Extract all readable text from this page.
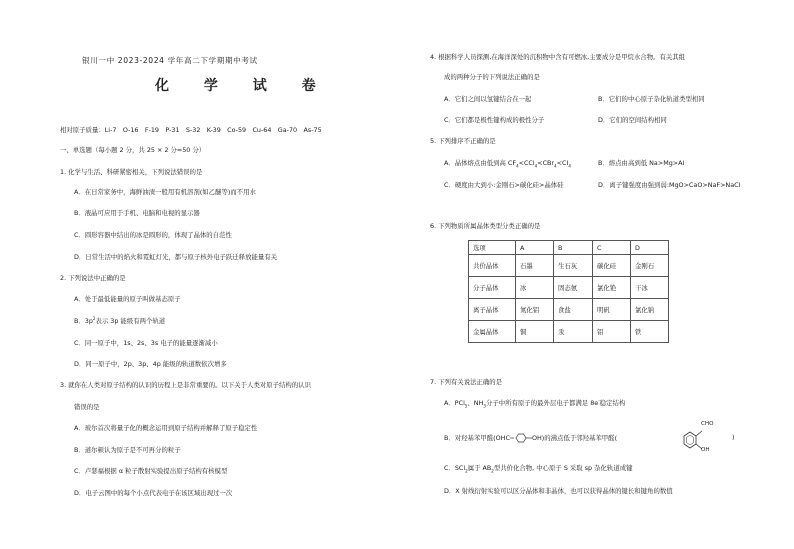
银川一中 2023-2024 学年高二下学期期中考试
化 学 试 卷
相对原子质量：Li-7　O-16　F-19　P-31　S-32　K-39　Co-59　Cu-64　Ga-70　As-75
一、单选题（每小题 2 分，共 25 × 2 分=50 分）
1. 化学与生活、科研紧密相关，下列说法错误的是
A．在日常家务中，海鲜油渍一般用有机溶剂(如乙醚等)而不用水
B．液晶可应用于手机、电脑和电视的显示器
C．圆形容器中结出的冰是圆形的，体现了晶体的自范性
D．日常生活中的焰火和霓虹灯光，都与原子核外电子跃迁释放能量有关
2. 下列说法中正确的是
A．处于最低能量的原子叫做基态原子
B．$3p^2$表示 3p 能级有两个轨道
C．同一原子中，1s、2s、3s 电子的能量逐渐减小
D．同一原子中，2p、3p、4p 能级的轨道数依次增多
3. 就你在人类对原子结构的认识的历程上是非常重要的。以下关于人类对原子结构的认识
错误的是
A．玻尔首次将量子化的概念运用到原子结构并解释了原子稳定性
B．道尔顿认为原子是不可再分的粒子
C．卢瑟福根据 α 粒子散射实验提出原子结构有核模型
D．电子云图中的每个小点代表电子在该区域出现过一次
4. 根据科学人员探测,在海洋深处的沉积物中含有可燃冰,主要成分是甲烷水合物。有关其组
成的两种分子的下列说法正确的是
A．它们之间以氢键结合在一起	B．它们的中心原子杂化轨道类型相同
C．它们都是极性键构成的极性分子	D．它们的空间结构相同
5. 下列排序不正确的是
A．晶体熔点由低到高 $CF_4<CCl_4<CBr_4<CI_4$	B．熔点由高到低 Na>Mg>Al
C．硬度由大到小:金刚石>碳化硅>晶体硅	D．离子键强度由强到弱:MgO>CaO>NaF>NaCl
6. 下列物质所属晶体类型分类正确的是
选项	A	B	C	D
共价晶体	石墨	生石灰	碳化硅	金刚石
分子晶体	冰	固态氨	氯化铯	干冰
离子晶体	氮化铝	食盐	明矾	氯化钠
金属晶体	铜	汞	铝	铁
7. 下列有关说法正确的是
A．PCl$_5$、$NH_3$分子中所有原子的最外层电子都满足 8e-稳定结构
B．对羟基苯甲醛(OHC	OH)的沸点低于邻羟基苯甲醛(
CHO
OH
)
C．SCl$_2$属于 $AB_2$型共价化合物, 中心原子 S 采取 sp 杂化轨道成键
D．X 射线衍射实验可以区分晶体和非晶体，也可以获得晶体的键长和键角的数值
